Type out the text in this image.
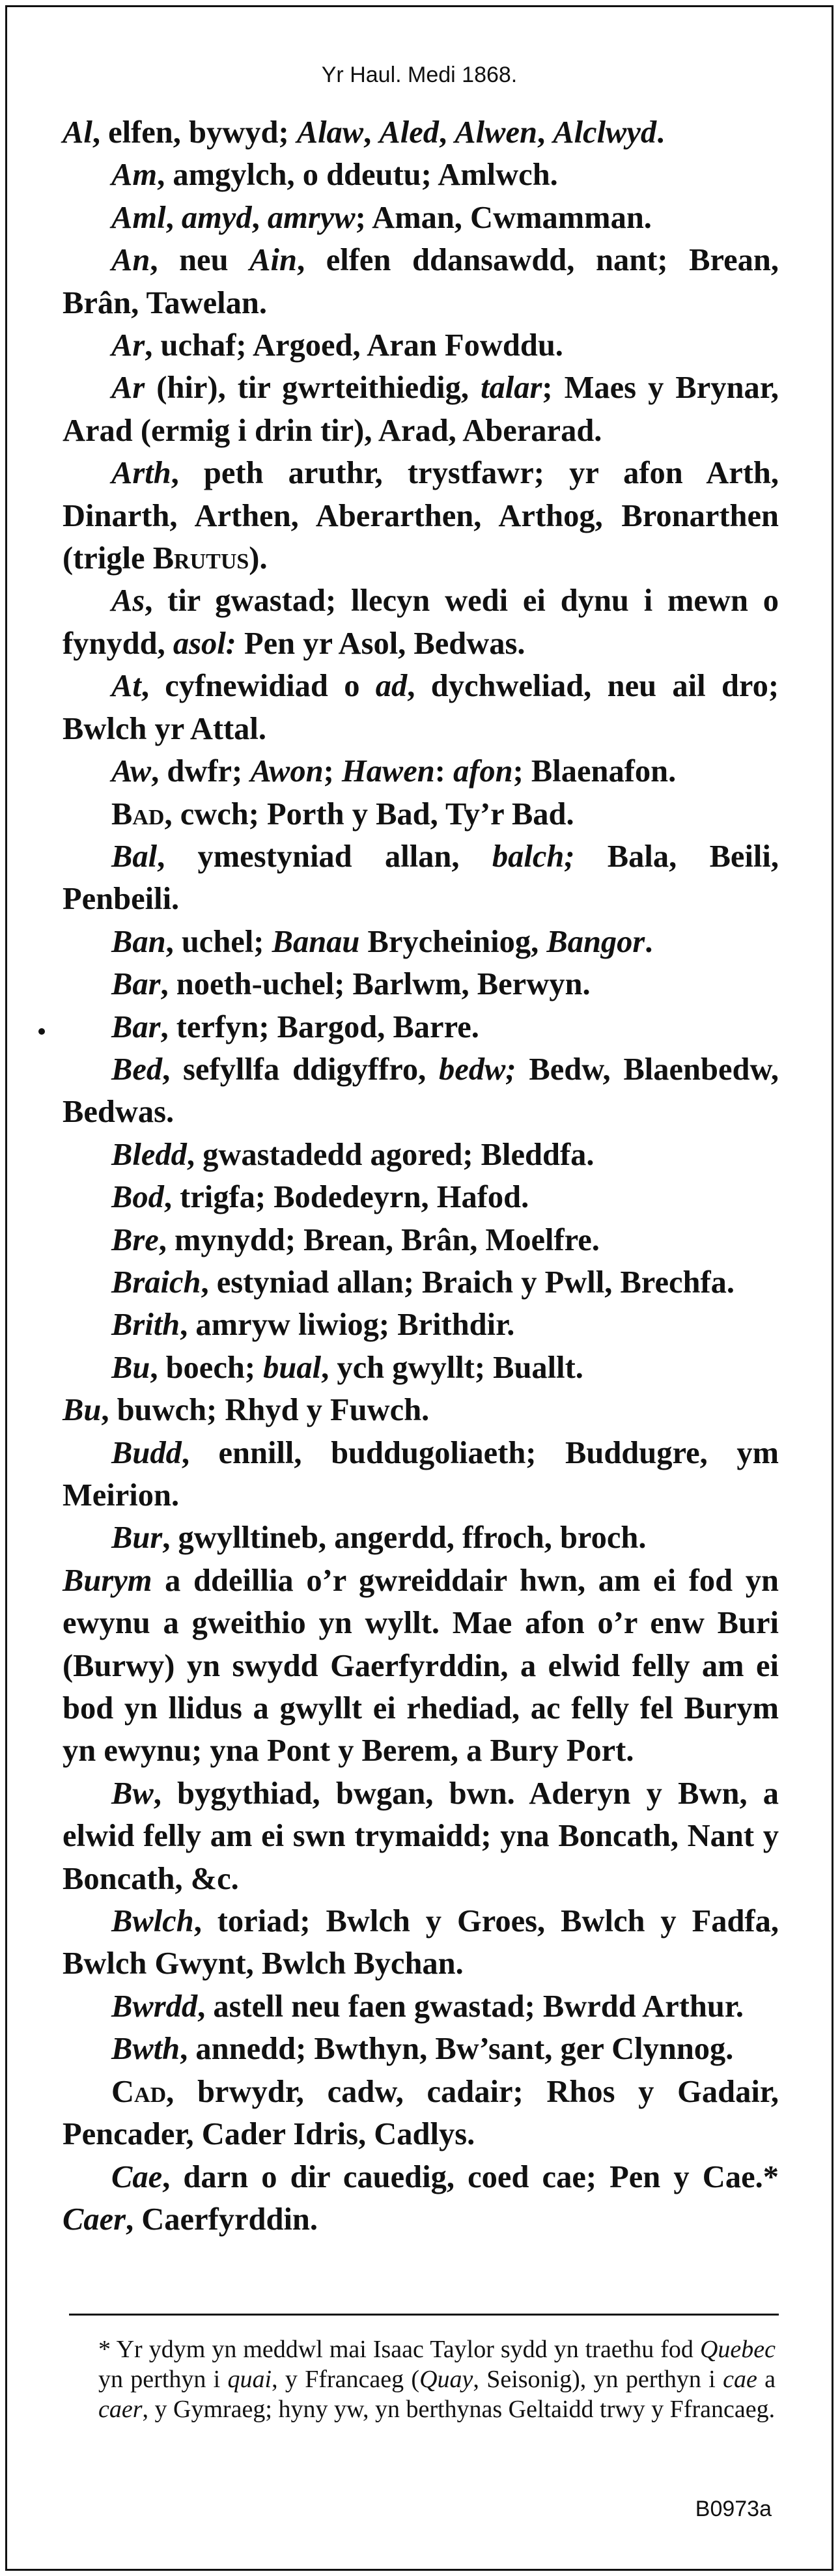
Yr Haul. Medi 1868.

Al, elfen, bywyd; Alaw, Aled, Alwen, Alclwyd.

Am, amgylch, o ddeutu; Amlwch.

Aml, amyd, amryw; Aman, Cwmamman.

An, neu Ain, elfen ddansawdd, nant; Brean, Brân, Tawelan.

Ar, uchaf; Argoed, Aran Fowddu.

Ar (hir), tir gwrteithiedig, talar; Maes y Brynar, Arad (ermig i drin tir), Arad, Aberarad.

Arth, peth aruthr, trystfawr; yr afon Arth, Dinarth, Arthen, Aberarthen, Arthog, Bronarthen (trigle Brutus).

As, tir gwastad; llecyn wedi ei dynu i mewn o fynydd, asol: Pen yr Asol, Bedwas.

At, cyfnewidiad o ad, dychweliad, neu ail dro; Bwlch yr Attal.

Aw, dwfr; Awon; Hawen: afon; Blaenafon.

Bad, cwch; Porth y Bad, Ty’r Bad.

Bal, ymestyniad allan, balch; Bala, Beili, Penbeili.

Ban, uchel; Banau Brycheiniog, Bangor.

Bar, noeth-uchel; Barlwm, Berwyn.

Bar, terfyn; Bargod, Barre.

Bed, sefyllfa ddigyffro, bedw; Bedw, Blaenbedw, Bedwas.

Bledd, gwastadedd agored; Bleddfa.

Bod, trigfa; Bodedeyrn, Hafod.

Bre, mynydd; Brean, Brân, Moelfre.

Braich, estyniad allan; Braich y Pwll, Brechfa.

Brith, amryw liwiog; Brithdir.

Bu, boech; bual, ych gwyllt; Buallt.

Bu, buwch; Rhyd y Fuwch.

Budd, ennill, buddugoliaeth; Buddugre, ym Meirion.

Bur, gwylltineb, angerdd, ffroch, broch.

Burym a ddeillia o’r gwreiddair hwn, am ei fod yn ewynu a gweithio yn wyllt. Mae afon o’r enw Buri (Burwy) yn swydd Gaerfyrddin, a elwid felly am ei bod yn llidus a gwyllt ei rhediad, ac felly fel Burym yn ewynu; yna Pont y Berem, a Bury Port.

Bw, bygythiad, bwgan, bwn. Aderyn y Bwn, a elwid felly am ei swn trymaidd; yna Boncath, Nant y Boncath, &c.

Bwlch, toriad; Bwlch y Groes, Bwlch y Fadfa, Bwlch Gwynt, Bwlch Bychan.

Bwrdd, astell neu faen gwastad; Bwrdd Arthur.

Bwth, annedd; Bwthyn, Bw’sant, ger Clynnog.

Cad, brwydr, cadw, cadair; Rhos y Gadair, Pencader, Cader Idris, Cadlys.

Cae, darn o dir cauedig, coed cae; Pen y Cae.* Caer, Caerfyrddin.

* Yr ydym yn meddwl mai Isaac Taylor sydd yn traethu fod Quebec yn perthyn i quai, y Ffrancaeg (Quay, Seisonig), yn perthyn i cae a caer, y Gymraeg; hyny yw, yn berthynas Geltaidd trwy y Ffrancaeg.
B0973a
